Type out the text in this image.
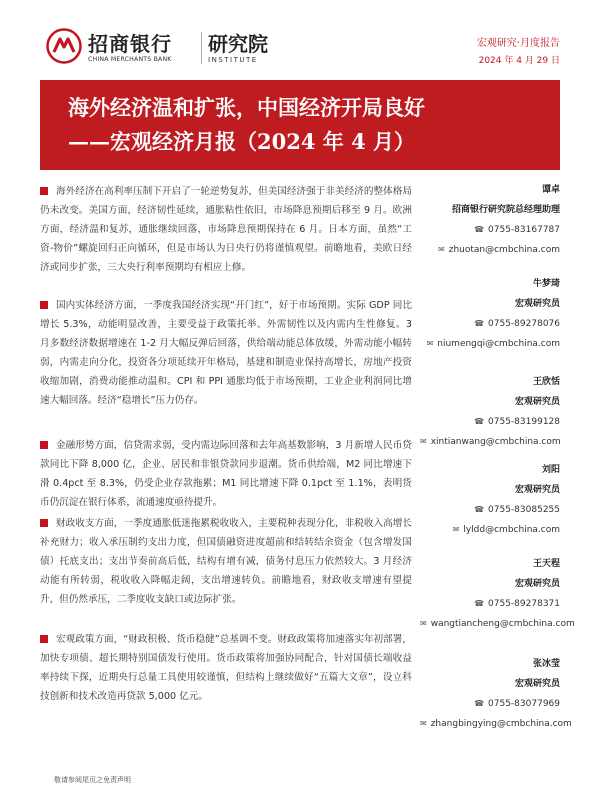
招商银行
CHINA MERCHANTS BANK
研究院
INSTITUTE
宏观研究·月度报告
2024 年 4 月 29 日
海外经济温和扩张，中国经济开局良好
——宏观经济月报（2024 年 4 月）
海外经济在高利率压制下开启了一轮逆势复苏，但美国经济强于非美经济的整体格局仍未改变。美国方面，经济韧性延续，通胀粘性依旧，市场降息预期后移至 9 月。欧洲方面，经济温和复苏，通胀继续回落，市场降息预期保持在 6 月。日本方面，虽然“工资-物价”螺旋回归正向循环，但是市场认为日央行仍将谨慎观望。前瞻地看，美欧日经济或同步扩张，三大央行利率预期均有相应上修。
国内实体经济方面，一季度我国经济实现“开门红”，好于市场预期。实际 GDP 同比增长 5.3%，动能明显改善，主要受益于政策托举、外需韧性以及内需内生性修复。3 月多数经济数据增速在 1-2 月大幅反弹后回落，供给端动能总体放缓，外需动能小幅转弱，内需走向分化，投资各分项延续开年格局，基建和制造业保持高增长，房地产投资收缩加剧，消费动能推动温和。CPI 和 PPI 通胀均低于市场预期，工业企业利润同比增速大幅回落。经济“稳增长”压力仍存。
金融形势方面，信贷需求弱，受内需边际回落和去年高基数影响，3 月新增人民币贷款同比下降 8,000 亿，企业、居民和非银贷款同步退潮。货币供给端，M2 同比增速下滑 0.4pct 至 8.3%，仍受企业存款拖累；M1 同比增速下降 0.1pct 至 1.1%，表明货币仍沉淀在银行体系，流通速度亟待提升。
财政收支方面，一季度通胀低迷拖累税收收入，主要税种表现分化，非税收入高增长补充财力；收入承压制约支出力度，但国债融资进度超前和结转结余资金（包含增发国债）托底支出；支出节奏前高后低，结构有增有减，债务付息压力依然较大。3 月经济动能有所转弱，税收收入降幅走阔，支出增速转负。前瞻地看，财政收支增速有望提升，但仍然承压，二季度收支缺口或边际扩张。
宏观政策方面，“财政积极、货币稳健”总基调不变。财政政策将加速落实年初部署，加快专项债、超长期特别国债发行使用。货币政策将加强协同配合，针对国债长端收益率持续下探，近期央行总量工具使用较谨慎，但结构上继续做好“五篇大文章”，设立科技创新和技术改造再贷款 5,000 亿元。
谭卓
招商银行研究院总经理助理
☎ 0755-83167787
✉ zhuotan@cmbchina.com
牛梦琦
宏观研究员
☎ 0755-89278076
✉ niumengqi@cmbchina.com
王欣恬
宏观研究员
☎ 0755-83199128
✉ xintianwang@cmbchina.com
刘阳
宏观研究员
☎ 0755-83085255
✉ lyldd@cmbchina.com
王天程
宏观研究员
☎ 0755-89278371
✉ wangtiancheng@cmbchina.com
张冰莹
宏观研究员
☎ 0755-83077969
✉ zhangbingying@cmbchina.com
敬请参阅尾页之免责声明
